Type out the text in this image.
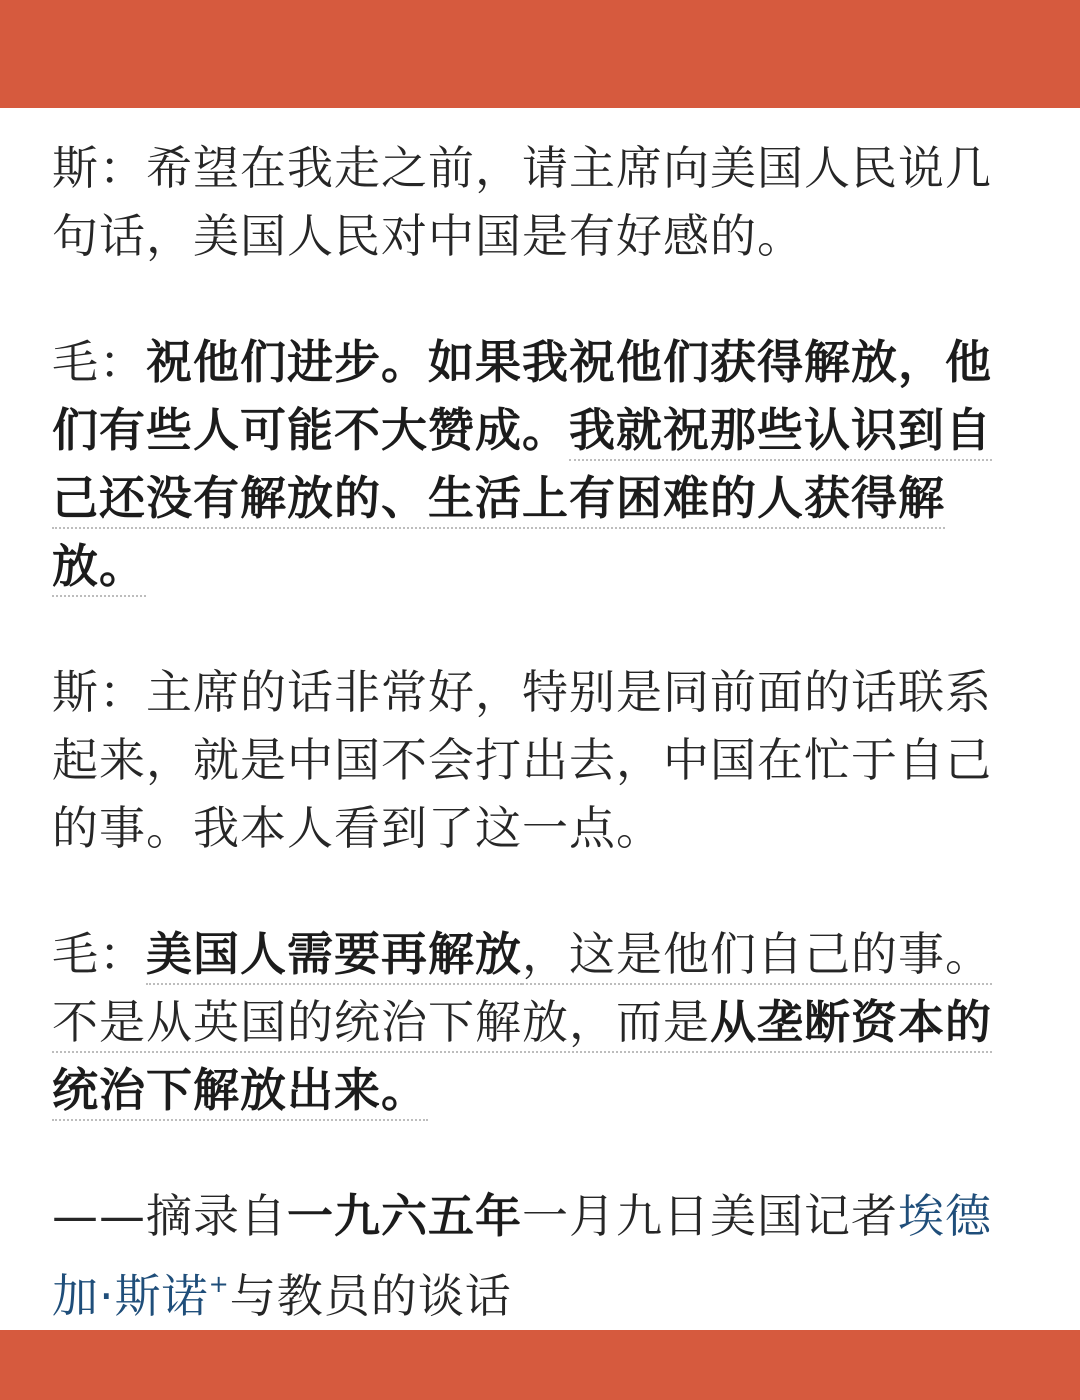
斯：希望在我走之前，请主席向美国人民说几句话，美国人民对中国是有好感的。

毛：祝他们进步。如果我祝他们获得解放，他们有些人可能不大赞成。我就祝那些认识到自己还没有解放的、生活上有困难的人获得解放。

斯：主席的话非常好，特别是同前面的话联系起来，就是中国不会打出去，中国在忙于自己的事。我本人看到了这一点。

毛：美国人需要再解放，这是他们自己的事。不是从英国的统治下解放，而是从垄断资本的统治下解放出来。

——摘录自一九六五年一月九日美国记者埃德加·斯诺+与教员的谈话
